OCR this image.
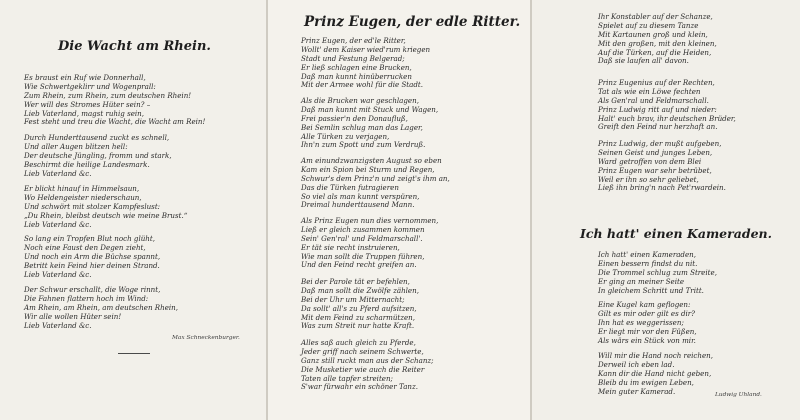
Die Wacht am Rhein.
Es braust ein Ruf wie Donnerhall,
Wie Schwertgeklirr und Wogenprall:
Zum Rhein, zum Rhein, zum deutschen Rhein!
Wer will des Stromes Hüter sein? –
Lieb Vaterland, magst ruhig sein,
Fest steht und treu die Wacht, die Wacht am Rein!
Durch Hunderttausend zuckt es schnell,
Und aller Augen blitzen hell:
Der deutsche Jüngling, fromm und stark,
Beschirmt die heilige Landesmark.
Lieb Vaterland &c.
Er blickt hinauf in Himmelsaun,
Wo Heldengeister niederschaun,
Und schwört mit stolzer Kampfeslust:
„Du Rhein, bleibst deutsch wie meine Brust.“
Lieb Vaterland &c.
So lang ein Tropfen Blut noch glüht,
Noch eine Faust den Degen zieht,
Und noch ein Arm die Büchse spannt,
Betritt kein Feind hier deinen Strand.
Lieb Vaterland &c.
Der Schwur erschallt, die Woge rinnt,
Die Fahnen flattern hoch im Wind:
Am Rhein, am Rhein, am deutschen Rhein,
Wir alle wollen Hüter sein!
Lieb Vaterland &c.
Max Schneckenburger.
Prinz Eugen, der edle Ritter.
Prinz Eugen, der ed'le Ritter,
Wollt' dem Kaiser wied'rum kriegen
Stadt und Festung Belgerad;
Er ließ schlagen eine Brucken,
Daß man kunnt hinüberrucken
Mit der Armee wohl für die Stadt.
Als die Brucken war geschlagen,
Daß man kunnt mit Stuck und Wagen,
Frei passier'n den Donaufluß,
Bei Semlin schlug man das Lager,
Alle Türken zu verjagen,
Ihn'n zum Spott und zum Verdruß.
Am einundzwanzigsten August so eben
Kam ein Spion bei Sturm und Regen,
Schwur's dem Prinz'n und zeigt's ihm an,
Das die Türken futragieren
So viel als man kunnt verspüren,
Dreimal hunderttausend Mann.
Als Prinz Eugen nun dies vernommen,
Ließ er gleich zusammen kommen
Sein' Gen'ral' und Feldmarschall'.
Er tät sie recht instruieren,
Wie man sollt die Truppen führen,
Und den Feind recht greifen an.
Bei der Parole tät er befehlen,
Daß man sollt die Zwölfe zählen,
Bei der Uhr um Mitternacht;
Da sollt' all's zu Pferd aufsitzen,
Mit dem Feind zu scharmützen,
Was zum Streit nur hatte Kraft.
Alles saß auch gleich zu Pferde,
Jeder griff nach seinem Schwerte,
Ganz still ruckt man aus der Schanz;
Die Musketier wie auch die Reiter
Taten alle tapfer streiten;
S'war fürwahr ein schöner Tanz.
Ihr Konstabler auf der Schanze,
Spielet auf zu diesem Tanze
Mit Kartaunen groß und klein,
Mit den großen, mit den kleinen,
Auf die Türken, auf die Heiden,
Daß sie laufen all' davon.
Prinz Eugenius auf der Rechten,
Tat als wie ein Löwe fechten
Als Gen'ral und Feldmarschall.
Prinz Ludwig ritt auf und nieder:
Halt' euch brav, ihr deutschen Brüder,
Greift den Feind nur herzhaft an.
Prinz Ludwig, der mußt aufgeben,
Seinen Geist und junges Leben,
Ward getroffen von dem Blei
Prinz Eugen war sehr betrübet,
Weil er ihn so sehr geliebet,
Ließ ihn bring'n nach Pet'rwardein.
Ich hatt' einen Kameraden.
Ich hatt' einen Kameraden,
Einen bessern findst du nit.
Die Trommel schlug zum Streite,
Er ging an meiner Seite
In gleichem Schritt und Tritt.
Eine Kugel kam geflogen:
Gilt es mir oder gilt es dir?
Ihn hat es weggerissen;
Er liegt mir vor den Füßen,
Als wärs ein Stück von mir.
Will mir die Hand noch reichen,
Derweil ich eben lad.
Kann dir die Hand nicht geben,
Bleib du im ewigen Leben,
Mein guter Kamerad.	Ludwig Uhland.
